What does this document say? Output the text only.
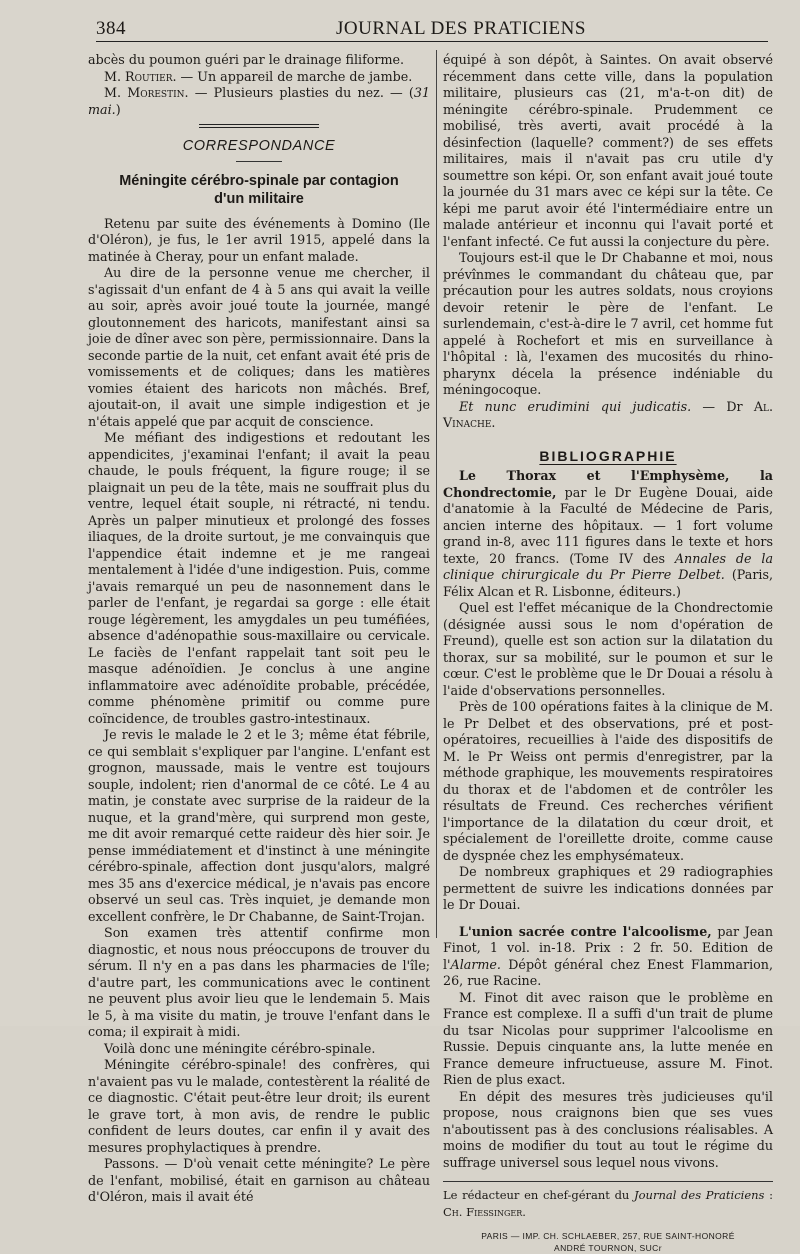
384	JOURNAL DES PRATICIENS

abcès du poumon guéri par le drainage filiforme.

M. Routier. — Un appareil de marche de jambe.

M. Morestin. — Plusieurs plasties du nez. — (31 mai.)

CORRESPONDANCE
Méningite cérébro-spinale par contagion
d'un militaire

Retenu par suite des événements à Domino (Ile d'Oléron), je fus, le 1er avril 1915, appelé dans la matinée à Cheray, pour un enfant malade.

Au dire de la personne venue me chercher, il s'agissait d'un enfant de 4 à 5 ans qui avait la veille au soir, après avoir joué toute la journée, mangé gloutonnement des haricots, manifestant ainsi sa joie de dîner avec son père, permissionnaire. Dans la seconde partie de la nuit, cet enfant avait été pris de vomissements et de coliques; dans les matières vomies étaient des haricots non mâchés. Bref, ajoutait-on, il avait une simple indigestion et je n'étais appelé que par acquit de conscience.

Me méfiant des indigestions et redoutant les appendicites, j'examinai l'enfant; il avait la peau chaude, le pouls fréquent, la figure rouge; il se plaignait un peu de la tête, mais ne souffrait plus du ventre, lequel était souple, ni rétracté, ni tendu. Après un palper minutieux et prolongé des fosses iliaques, de la droite surtout, je me convainquis que l'appendice était indemne et je me rangeai mentalement à l'idée d'une indigestion. Puis, comme j'avais remarqué un peu de nasonnement dans le parler de l'enfant, je regardai sa gorge : elle était rouge légèrement, les amygdales un peu tuméfiées, absence d'adénopathie sous-maxillaire ou cervicale. Le faciès de l'enfant rappelait tant soit peu le masque adénoïdien. Je conclus à une angine inflammatoire avec adénoïdite probable, précédée, comme phénomène primitif ou comme pure coïncidence, de troubles gastro-intestinaux.

Je revis le malade le 2 et le 3; même état fébrile, ce qui semblait s'expliquer par l'angine. L'enfant est grognon, maussade, mais le ventre est toujours souple, indolent; rien d'anormal de ce côté. Le 4 au matin, je constate avec surprise de la raideur de la nuque, et la grand'mère, qui surprend mon geste, me dit avoir remarqué cette raideur dès hier soir. Je pense immédiatement et d'instinct à une méningite cérébro-spinale, affection dont jusqu'alors, malgré mes 35 ans d'exercice médical, je n'avais pas encore observé un seul cas. Très inquiet, je demande mon excellent confrère, le Dr Chabanne, de Saint-Trojan.

Son examen très attentif confirme mon diagnostic, et nous nous préoccupons de trouver du sérum. Il n'y en a pas dans les pharmacies de l'île; d'autre part, les communications avec le continent ne peuvent plus avoir lieu que le lendemain 5. Mais le 5, à ma visite du matin, je trouve l'enfant dans le coma; il expirait à midi.

Voilà donc une méningite cérébro-spinale.

Méningite cérébro-spinale! des confrères, qui n'avaient pas vu le malade, contestèrent la réalité de ce diagnostic. C'était peut-être leur droit; ils eurent le grave tort, à mon avis, de rendre le public confident de leurs doutes, car enfin il y avait des mesures prophylactiques à prendre.

Passons. — D'où venait cette méningite? Le père de l'enfant, mobilisé, était en garnison au château d'Oléron, mais il avait été

équipé à son dépôt, à Saintes. On avait observé récemment dans cette ville, dans la population militaire, plusieurs cas (21, m'a-t-on dit) de méningite cérébro-spinale. Prudemment ce mobilisé, très averti, avait procédé à la désinfection (laquelle? comment?) de ses effets militaires, mais il n'avait pas cru utile d'y soumettre son képi. Or, son enfant avait joué toute la journée du 31 mars avec ce képi sur la tête. Ce képi me parut avoir été l'intermédiaire entre un malade antérieur et inconnu qui l'avait porté et l'enfant infecté. Ce fut aussi la conjecture du père.

Toujours est-il que le Dr Chabanne et moi, nous prévînmes le commandant du château que, par précaution pour les autres soldats, nous croyions devoir retenir le père de l'enfant. Le surlendemain, c'est-à-dire le 7 avril, cet homme fut appelé à Rochefort et mis en surveillance à l'hôpital : là, l'examen des mucosités du rhino-pharynx décela la présence indéniable du méningocoque.

Et nunc erudimini qui judicatis. — Dr Al. Vinache.

BIBLIOGRAPHIE

Le Thorax et l'Emphysème, la Chondrectomie, par le Dr Eugène Douai, aide d'anatomie à la Faculté de Médecine de Paris, ancien interne des hôpitaux. — 1 fort volume grand in-8, avec 111 figures dans le texte et hors texte, 20 francs. (Tome IV des Annales de la clinique chirurgicale du Pr Pierre Delbet. (Paris, Félix Alcan et R. Lisbonne, éditeurs.)

Quel est l'effet mécanique de la Chondrectomie (désignée aussi sous le nom d'opération de Freund), quelle est son action sur la dilatation du thorax, sur sa mobilité, sur le poumon et sur le cœur. C'est le problème que le Dr Douai a résolu à l'aide d'observations personnelles.

Près de 100 opérations faites à la clinique de M. le Pr Delbet et des observations, pré et post-opératoires, recueillies à l'aide des dispositifs de M. le Pr Weiss ont permis d'enregistrer, par la méthode graphique, les mouvements respiratoires du thorax et de l'abdomen et de contrôler les résultats de Freund. Ces recherches vérifient l'importance de la dilatation du cœur droit, et spécialement de l'oreillette droite, comme cause de dyspnée chez les emphysémateux.

De nombreux graphiques et 29 radiographies permettent de suivre les indications données par le Dr Douai.

L'union sacrée contre l'alcoolisme, par Jean Finot, 1 vol. in-18. Prix : 2 fr. 50. Edition de l'Alarme. Dépôt général chez Enest Flammarion, 26, rue Racine.

M. Finot dit avec raison que le problème en France est complexe. Il a suffi d'un trait de plume du tsar Nicolas pour supprimer l'alcoolisme en Russie. Depuis cinquante ans, la lutte menée en France demeure infructueuse, assure M. Finot. Rien de plus exact.

En dépit des mesures très judicieuses qu'il propose, nous craignons bien que ses vues n'aboutissent pas à des conclusions réalisables. A moins de modifier du tout au tout le régime du suffrage universel sous lequel nous vivons.

Le rédacteur en chef-gérant du Journal des Praticiens : Ch. Fiessinger.
PARIS — IMP. CH. SCHLAEBER, 257, RUE SAINT-HONORÉ
ANDRÉ TOURNON, SUCr
